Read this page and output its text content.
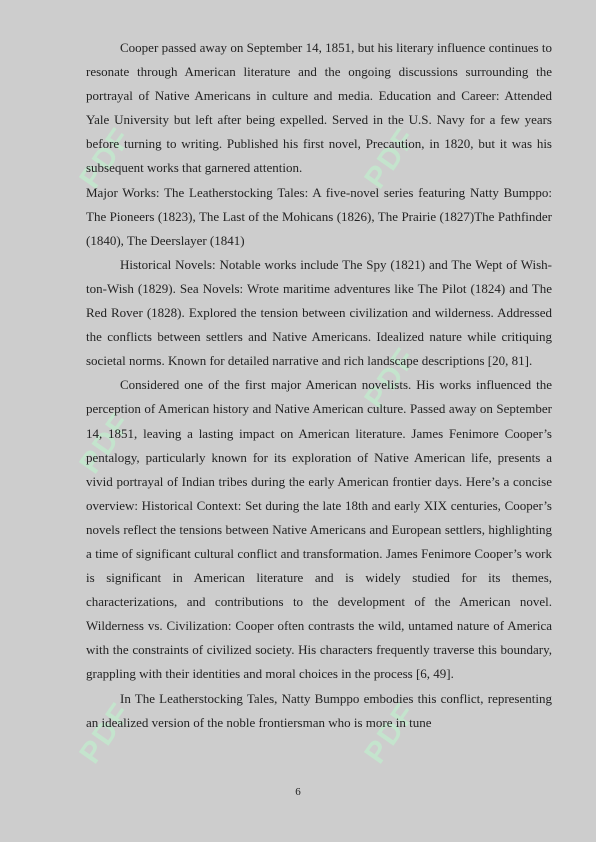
PDF	PDF
PDF
PDF
PDF	PDF

Cooper passed away on September 14, 1851, but his literary influence continues to resonate through American literature and the ongoing discussions surrounding the portrayal of Native Americans in culture and media. Education and Career: Attended Yale University but left after being expelled. Served in the U.S. Navy for a few years before turning to writing. Published his first novel, Precaution, in 1820, but it was his subsequent works that garnered attention.

Major Works: The Leatherstocking Tales: A five-novel series featuring Natty Bumppo: The Pioneers (1823), The Last of the Mohicans (1826), The Prairie (1827)The Pathfinder (1840), The Deerslayer (1841)

Historical Novels: Notable works include The Spy (1821) and The Wept of Wish-ton-Wish (1829). Sea Novels: Wrote maritime adventures like The Pilot (1824) and The Red Rover (1828). Explored the tension between civilization and wilderness. Addressed the conflicts between settlers and Native Americans. Idealized nature while critiquing societal norms. Known for detailed narrative and rich landscape descriptions [20, 81].

Considered one of the first major American novelists. His works influenced the perception of American history and Native American culture. Passed away on September 14, 1851, leaving a lasting impact on American literature. James Fenimore Cooper’s pentalogy, particularly known for its exploration of Native American life, presents a vivid portrayal of Indian tribes during the early American frontier days. Here’s a concise overview: Historical Context: Set during the late 18th and early XIX centuries, Cooper’s novels reflect the tensions between Native Americans and European settlers, highlighting a time of significant cultural conflict and transformation. James Fenimore Cooper’s work is significant in American literature and is widely studied for its themes, characterizations, and contributions to the development of the American novel. Wilderness vs. Civilization: Cooper often contrasts the wild, untamed nature of America with the constraints of civilized society. His characters frequently traverse this boundary, grappling with their identities and moral choices in the process [6, 49].

In The Leatherstocking Tales, Natty Bumppo embodies this conflict, representing an idealized version of the noble frontiersman who is more in tune

6
